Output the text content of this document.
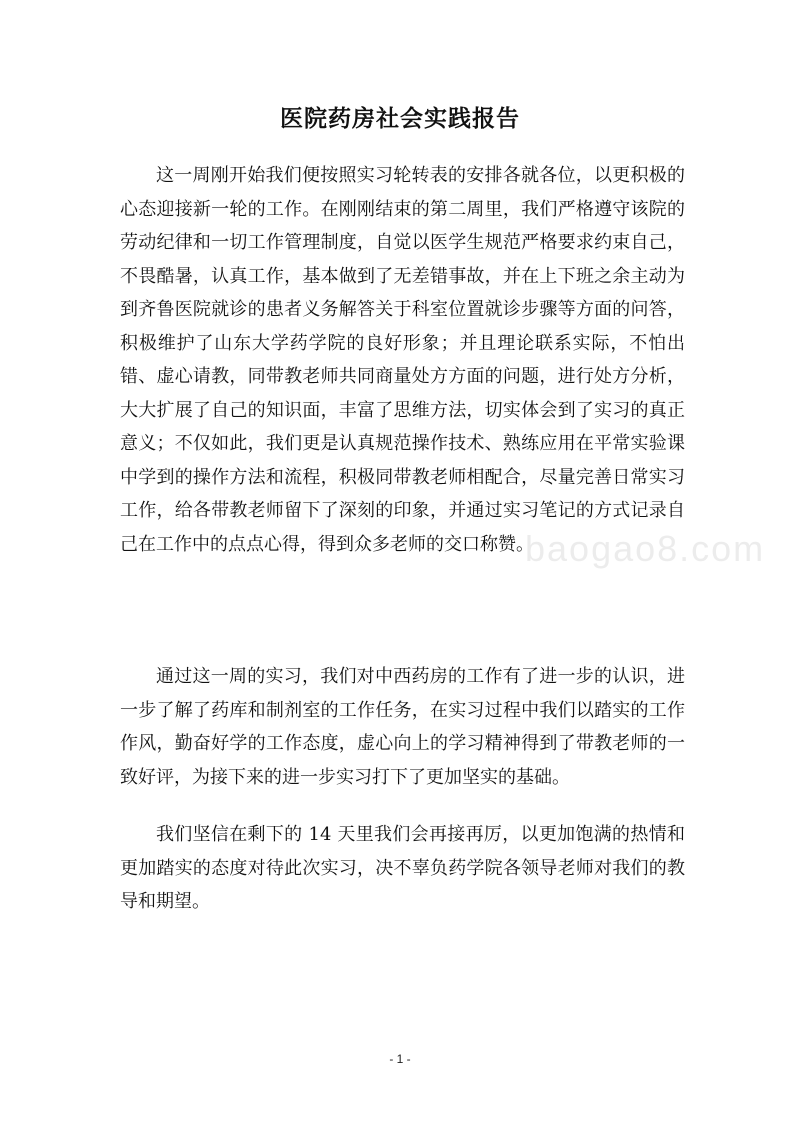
医院药房社会实践报告

这一周刚开始我们便按照实习轮转表的安排各就各位，以更积极的心态迎接新一轮的工作。在刚刚结束的第二周里，我们严格遵守该院的劳动纪律和一切工作管理制度，自觉以医学生规范严格要求约束自己，不畏酷暑，认真工作，基本做到了无差错事故，并在上下班之余主动为到齐鲁医院就诊的患者义务解答关于科室位置就诊步骤等方面的问答，积极维护了山东大学药学院的良好形象；并且理论联系实际，不怕出错、虚心请教，同带教老师共同商量处方方面的问题，进行处方分析，大大扩展了自己的知识面，丰富了思维方法，切实体会到了实习的真正意义；不仅如此，我们更是认真规范操作技术、熟练应用在平常实验课中学到的操作方法和流程，积极同带教老师相配合，尽量完善日常实习工作，给各带教老师留下了深刻的印象，并通过实习笔记的方式记录自己在工作中的点点心得，得到众多老师的交口称赞。

通过这一周的实习，我们对中西药房的工作有了进一步的认识，进一步了解了药库和制剂室的工作任务，在实习过程中我们以踏实的工作作风，勤奋好学的工作态度，虚心向上的学习精神得到了带教老师的一致好评，为接下来的进一步实习打下了更加坚实的基础。

我们坚信在剩下的 14 天里我们会再接再厉，以更加饱满的热情和更加踏实的态度对待此次实习，决不辜负药学院各领导老师对我们的教导和期望。

baogao8.com
- 1 -
